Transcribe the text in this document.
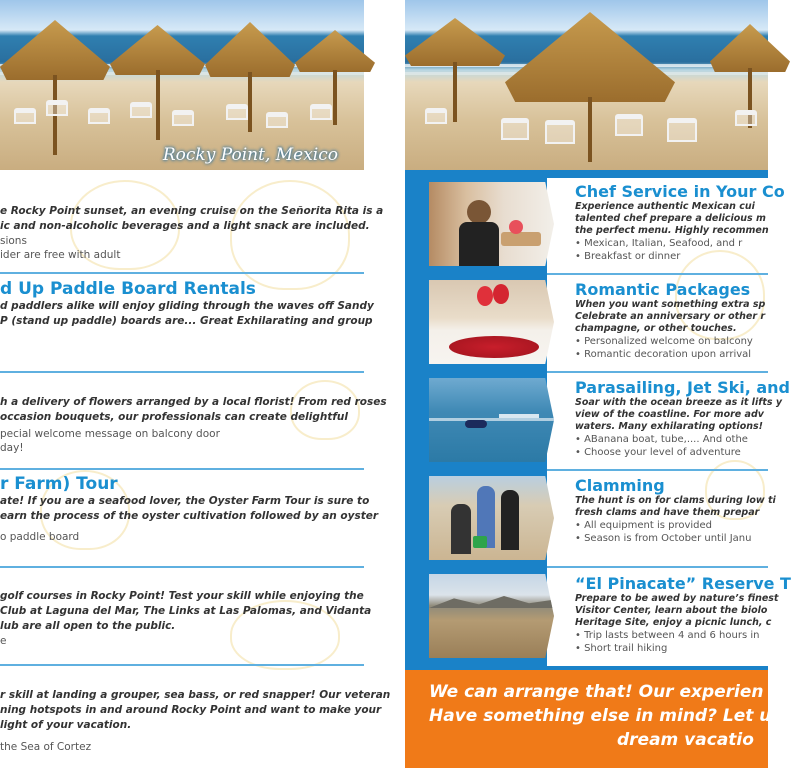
Rocky Point, Mexico

e Rocky Point sunset, an evening cruise on the Señorita Rita is a

ic and non-alcoholic beverages and a light snack are included.

sions
ider are free with adult
d Up Paddle Board Rentals

d paddlers alike will enjoy gliding through the waves off Sandy

P (stand up paddle) boards are... Great Exhilarating and group

h a delivery of flowers arranged by a local florist! From red roses

occasion bouquets, our professionals can create delightful

pecial welcome message on balcony door
day!
r Farm) Tour

ate! If you are a seafood lover, the Oyster Farm Tour is sure to

earn the process of the oyster cultivation followed by an oyster

o paddle board

golf courses in Rocky Point! Test your skill while enjoying the

Club at Laguna del Mar, The Links at Las Palomas, and Vidanta

lub are all open to the public.

e

r skill at landing a grouper, sea bass, or red snapper! Our veteran

ning hotspots in and around Rocky Point and want to make your

light of your vacation.

the Sea of Cortez
Chef Service in Your Co

Experience authentic Mexican cui

talented chef prepare a delicious m

the perfect menu. Highly recommen

• Mexican, Italian, Seafood, and r
• Breakfast or dinner
Romantic Packages

When you want something extra sp

Celebrate an anniversary or other r

champagne, or other touches.

• Personalized welcome on balcony
• Romantic decoration upon arrival
Parasailing, Jet Ski, and

Soar with the ocean breeze as it lifts y

view of the coastline. For more adv

waters. Many exhilarating options!

• ABanana boat, tube,.... And othe
• Choose your level of adventure
Clamming

The hunt is on for clams during low ti

fresh clams and have them prepar

• All equipment is provided
• Season is from October until Janu
“El Pinacate” Reserve T

Prepare to be awed by nature’s finest

Visitor Center, learn about the biolo

Heritage Site, enjoy a picnic lunch, c

• Trip lasts between 4 and 6 hours in
• Short trail hiking

We can arrange that! Our experien

Have something else in mind? Let us

dream vacatio
